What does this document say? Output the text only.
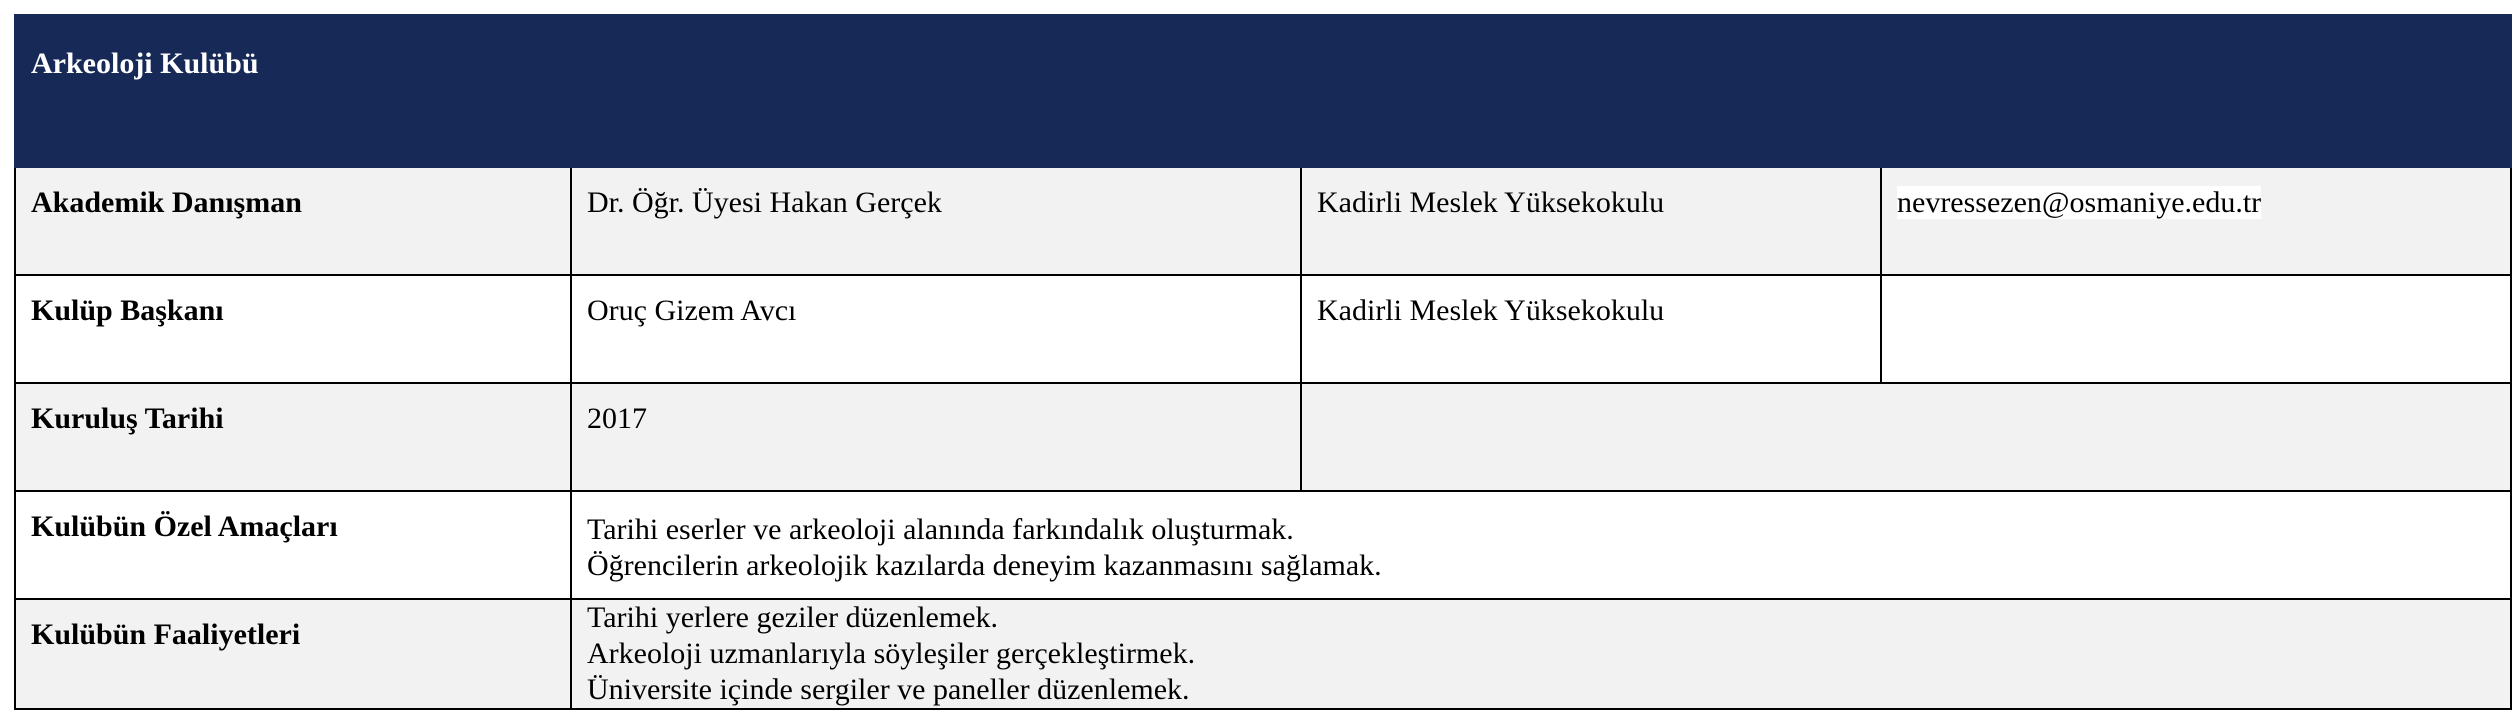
Arkeoloji Kulübü			
Akademik Danışman	Dr. Öğr. Üyesi Hakan Gerçek	Kadirli Meslek Yüksekokulu	nevressezen@osmaniye.edu.tr
Kulüp Başkanı	Oruç Gizem Avcı	Kadirli Meslek Yüksekokulu	
Kuruluş Tarihi	2017		
Kulübün Özel Amaçları	Tarihi eserler ve arkeoloji alanında farkındalık oluşturmak.
Öğrencilerin arkeolojik kazılarda deneyim kazanmasını sağlamak.		

Kulübün Faaliyetleri	Tarihi yerlere geziler düzenlemek.
Arkeoloji uzmanlarıyla söyleşiler gerçekleştirmek.
Üniversite içinde sergiler ve paneller düzenlemek.		
